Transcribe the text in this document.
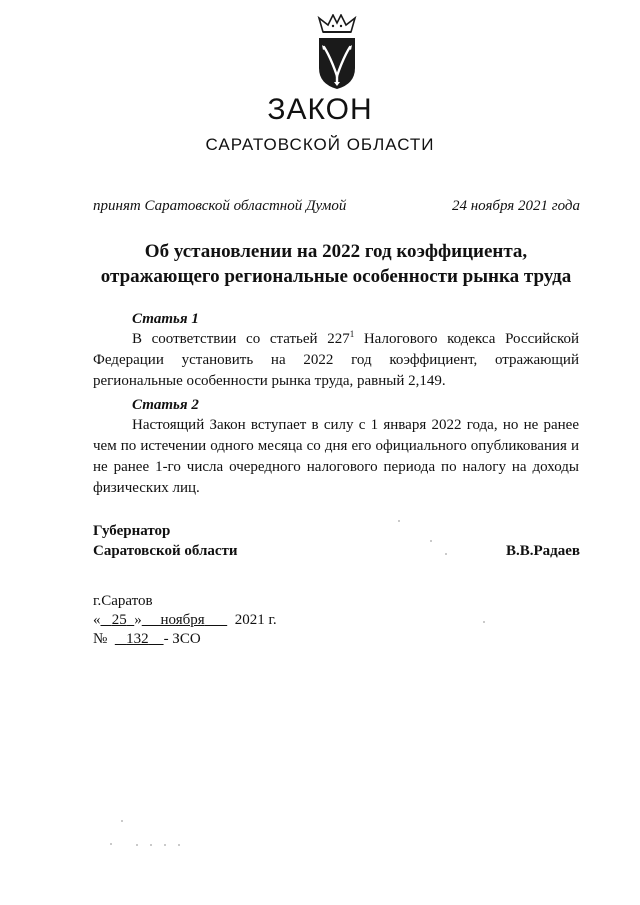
ЗАКОН
САРАТОВСКОЙ ОБЛАСТИ
принят Саратовской областной Думой	24 ноября 2021 года
Об установлении на 2022 год коэффициента,
отражающего региональные особенности рынка труда
Статья 1
В соответствии со статьей $227^1$ Налогового кодекса Российской Федерации установить на 2022 год коэффициент, отражающий региональные особенности рынка труда, равный 2,149.
Статья 2
Настоящий Закон вступает в силу с 1 января 2022 года, но не ранее чем по истечении одного месяца со дня его официального опубликования и не ранее 1-го числа очередного налогового периода по налогу на доходы физических лиц.
Губернатор
Саратовской области	В.В.Радаев
г.Саратов
« 25 » ноября 2021 г.
№     132 - ЗСО
